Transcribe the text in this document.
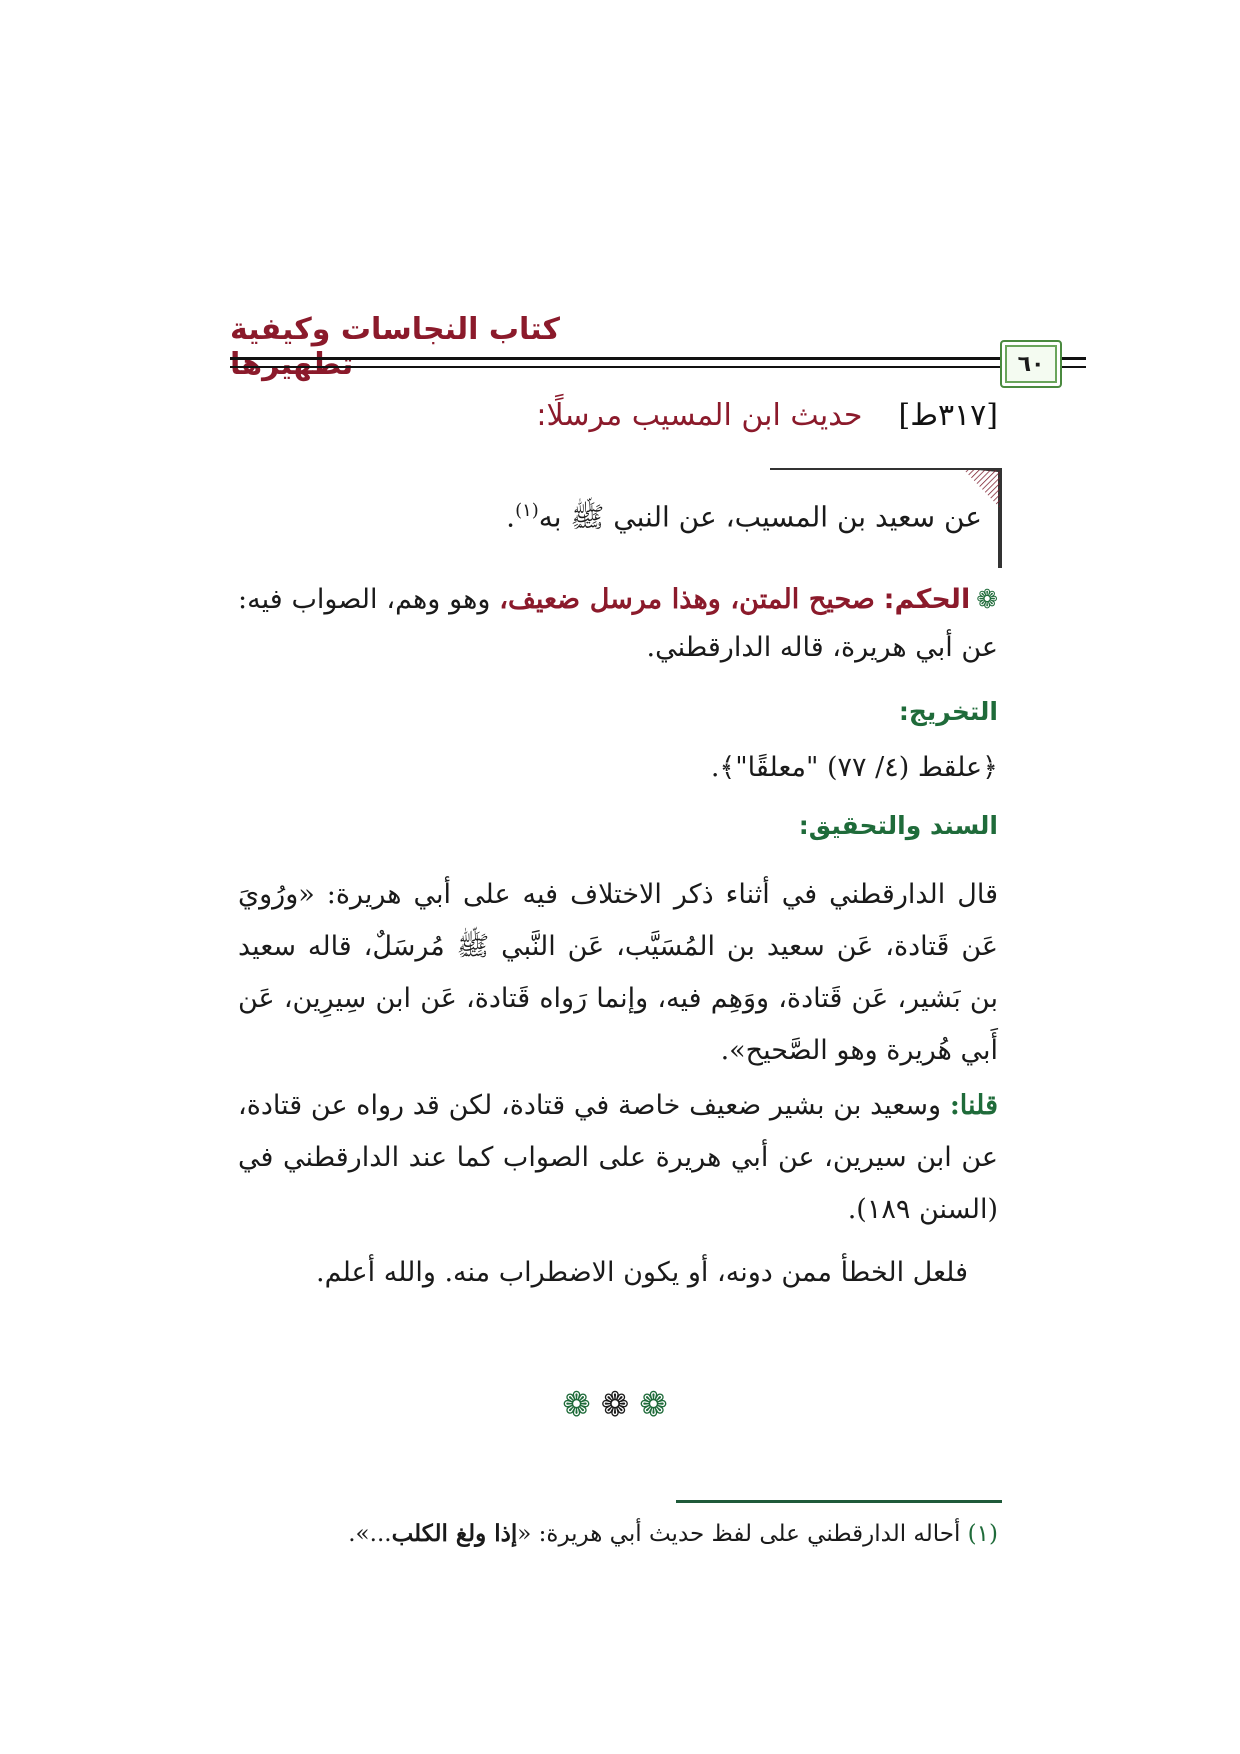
كتاب النجاسات وكيفية تطهيرها	٦٠
[٣١٧ط]حديث ابن المسيب مرسلًا:
عن سعيد بن المسيب، عن النبي ﷺ به$^{(١)}$.
❁الحكم: صحيح المتن، وهذا مرسل ضعيف، وهو وهم، الصواب فيه: عن أبي هريرة، قاله الدارقطني.
التخريج:
﴿علقط (٤/ ٧٧) "معلقًا"﴾.
السند والتحقيق:
قال الدارقطني في أثناء ذكر الاختلاف فيه على أبي هريرة: «ورُويَ عَن قَتادة، عَن سعيد بن المُسَيَّب، عَن النَّبي ﷺ مُرسَلٌ، قاله سعيد بن بَشير، عَن قَتادة، ووَهِم فيه، وإنما رَواه قَتادة، عَن ابن سِيرِين، عَن أَبي هُريرة وهو الصَّحيح».
قلنا: وسعيد بن بشير ضعيف خاصة في قتادة، لكن قد رواه عن قتادة، عن ابن سيرين، عن أبي هريرة على الصواب كما عند الدارقطني في (السنن ١٨٩).
فلعل الخطأ ممن دونه، أو يكون الاضطراب منه. والله أعلم.
❁❁❁
(١) أحاله الدارقطني على لفظ حديث أبي هريرة: «إذا ولغ الكلب...».
